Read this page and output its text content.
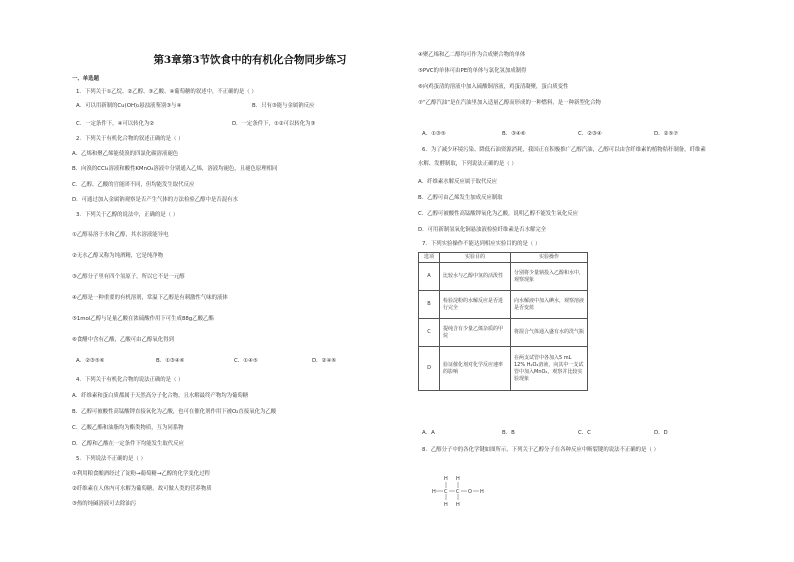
第3章第3节饮食中的有机化合物同步练习
一、单选题
1．下列关于①乙烷、②乙醇、③乙酸、④葡萄糖的叙述中，不正确的是（ ）
A．可以用新制的Cu(OH)₂悬浊液鉴别③与④	B．只有③能与金属钠反应
C．一定条件下，④可以转化为②	D．一定条件下，①②可以转化为③
2．下列关于有机化合物的叙述正确的是（ ）
A．乙烯和聚乙烯能使溴的四氯化碳溶液褪色
B．向溴的CCl₄溶液和酸性KMnO₄溶液中分别通入乙烯，溶液均褪色，且褪色原理相同
C．乙醇、乙酸的官能团不同，但均能发生取代反应
D．可通过加入金属钠观察是否产生气体的方法检验乙醇中是否混有水
3．下列关于乙醇的说法中，正确的是（ ）
①乙醇易溶于水和乙醇，其水溶液能导电
②无水乙醇又称为纯酒精，它是纯净物
③乙醇分子里有四个氢原子，所以它不是一元醇
④乙醇是一种重要的有机溶剂，常温下乙醇是有刺激性气味的液体
⑤1mol乙醇与足量乙酸在浓硫酸作用下可生成88g乙酸乙酯
⑥食醋中含有乙酸，乙酸可由乙醇氧化得到
A．②③⑤⑥	B．①③④⑥	C．①④⑤	D．②④⑥
4．下列关于有机化合物的说法正确的是（ ）
A．纤维素和蛋白质都属于天然高分子化合物，且水解最终产物均为葡萄糖
B．乙醇可被酸性高锰酸钾直接氧化为乙酸，也可在催化剂作用下被O₂直接氧化为乙酸
C．乙酸乙酯和油脂均为酯类物质，互为同系物
D．乙醇和乙酸在一定条件下均能发生取代反应
5．下列说法不正确的是（ ）
①利用粮食酿酒经过了淀粉→葡萄糖→乙醇的化学变化过程
②纤维素在人体内可水解为葡萄糖，故可做人类的营养物质
③热的纯碱溶液可去除油污
④聚乙烯和乙二醇均可作为合成聚合物的单体
⑤PVC的单体可由PE的单体与氯化氢加成制得
⑥向鸡蛋清的溶液中加入硫酸铜溶液，鸡蛋清凝聚，蛋白质变性
⑦“乙醇汽油”是在汽油里加入适量乙醇而形成的一种燃料，是一种新型化合物
A．①③⑤	B．③④⑥	C．②③④	D．②⑤⑦
6．为了减少环境污染、降低石油资源消耗，我国正在积极推广乙醇汽油，乙醇可以由含纤维素的植物秸秆制备，纤维素
水解、发酵制取，下列说法正确的是（ ）
A．纤维素水解反应属于取代反应
B．乙醇可由乙烯发生加成反应制取
C．乙醇可被酸性高锰酸钾氧化为乙酸，说明乙醇不能发生氧化反应
D．可用新制氢氧化铜悬浊液检验纤维素是否水解完全
7．下列实验操作不能达到相应实验目的的是（ ）
A．A	B．B	C．C	D．D
8．乙醇分子中的各化学键如图所示，下列关于乙醇分子在各种反应中断裂键的说法不正确的是（ ）
选项	实验目的	实验操作
A	比较水与乙醇中氢的活泼性	分别将少量钠投入乙醇和水中，观察现象
B	检验淀粉的水解反应是否进行完全	向水解液中加入碘水，观察溶液是否变蓝
C	提纯含有少量乙烯杂质的甲烷	将混合气体通入盛有水的洗气瓶
D	验证催化剂对化学反应速率的影响	在两支试管中各加入5 mL 12% H₂O₂溶液，向其中一支试管中加入MnO₂，观察并比较实验现象
H H
H C C O H
H H
